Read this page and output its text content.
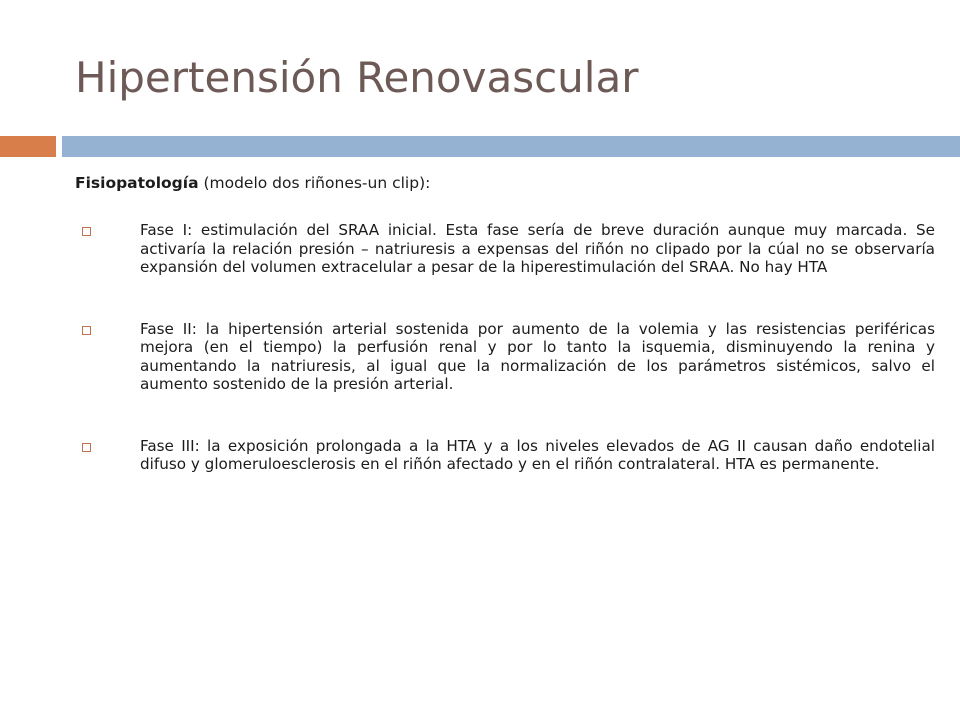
Hipertensión Renovascular

Fisiopatología (modelo dos riñones-un clip):

Fase I: estimulación del SRAA inicial. Esta fase sería de breve duración aunque muy marcada. Se activaría la relación presión – natriuresis a expensas del riñón no clipado por la cúal no se observaría expansión del volumen extracelular a pesar de la hiperestimulación del SRAA. No hay HTA
Fase II: la hipertensión arterial sostenida por aumento de la volemia y las resistencias periféricas mejora (en el tiempo) la perfusión renal y por lo tanto la isquemia, disminuyendo la renina y aumentando la natriuresis, al igual que la normalización de los parámetros sistémicos, salvo el aumento sostenido de la presión arterial.
Fase III: la exposición prolongada a la HTA y a los niveles elevados de AG II causan daño endotelial difuso y glomeruloesclerosis en el riñón afectado y en el riñón contralateral. HTA es permanente.
